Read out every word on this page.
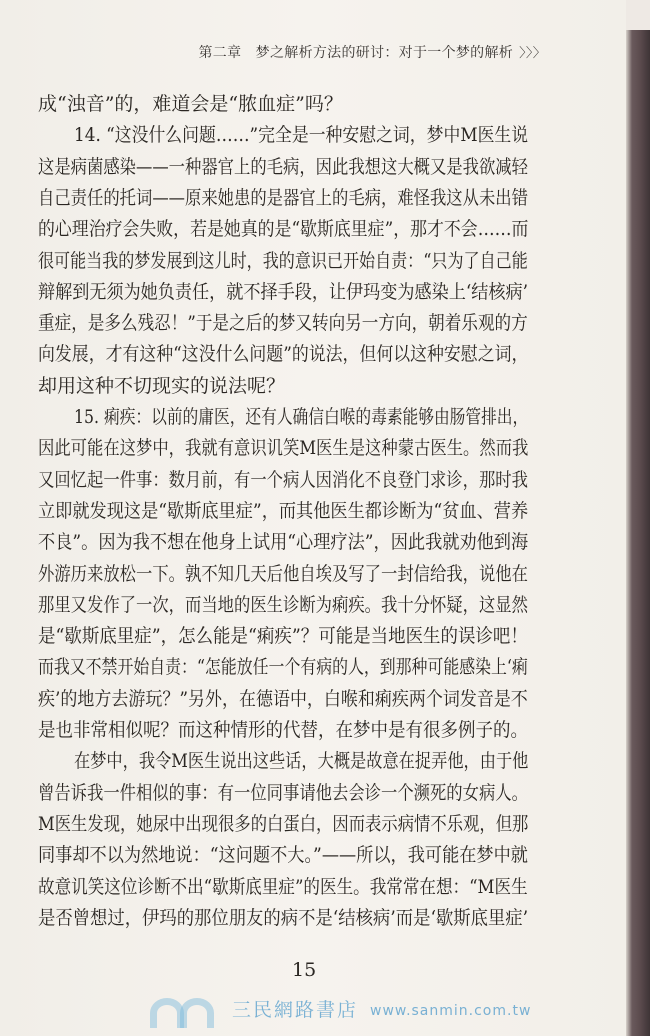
第二章　梦之解析方法的研讨：对于一个梦的解析 〉〉〉
成“浊音”的，难道会是“脓血症”吗？
14. “这没什么问题……”完全是一种安慰之词，梦中M医生说
这是病菌感染——一种器官上的毛病，因此我想这大概又是我欲减轻
自己责任的托词——原来她患的是器官上的毛病，难怪我这从未出错
的心理治疗会失败，若是她真的是“歇斯底里症”，那才不会……而
很可能当我的梦发展到这儿时，我的意识已开始自责：“只为了自己能
辩解到无须为她负责任，就不择手段，让伊玛变为感染上‘结核病’
重症，是多么残忍！”于是之后的梦又转向另一方向，朝着乐观的方
向发展，才有这种“这没什么问题”的说法，但何以这种安慰之词，
却用这种不切现实的说法呢？
15. 痢疾：以前的庸医，还有人确信白喉的毒素能够由肠管排出，
因此可能在这梦中，我就有意识讥笑M医生是这种蒙古医生。然而我
又回忆起一件事：数月前，有一个病人因消化不良登门求诊，那时我
立即就发现这是“歇斯底里症”，而其他医生都诊断为“贫血、营养
不良”。因为我不想在他身上试用“心理疗法”，因此我就劝他到海
外游历来放松一下。孰不知几天后他自埃及写了一封信给我，说他在
那里又发作了一次，而当地的医生诊断为痢疾。我十分怀疑，这显然
是“歇斯底里症”，怎么能是“痢疾”？可能是当地医生的误诊吧！
而我又不禁开始自责：“怎能放任一个有病的人，到那种可能感染上‘痢
疾’的地方去游玩？”另外，在德语中，白喉和痢疾两个词发音是不
是也非常相似呢？而这种情形的代替，在梦中是有很多例子的。
在梦中，我令M医生说出这些话，大概是故意在捉弄他，由于他
曾告诉我一件相似的事：有一位同事请他去会诊一个濒死的女病人。
M医生发现，她尿中出现很多的白蛋白，因而表示病情不乐观，但那
同事却不以为然地说：“这问题不大。”——所以，我可能在梦中就
故意讥笑这位诊断不出“歇斯底里症”的医生。我常常在想：“M医生
是否曾想过，伊玛的那位朋友的病不是‘结核病’而是‘歇斯底里症’
15
三民網路書店 www.sanmin.com.tw
